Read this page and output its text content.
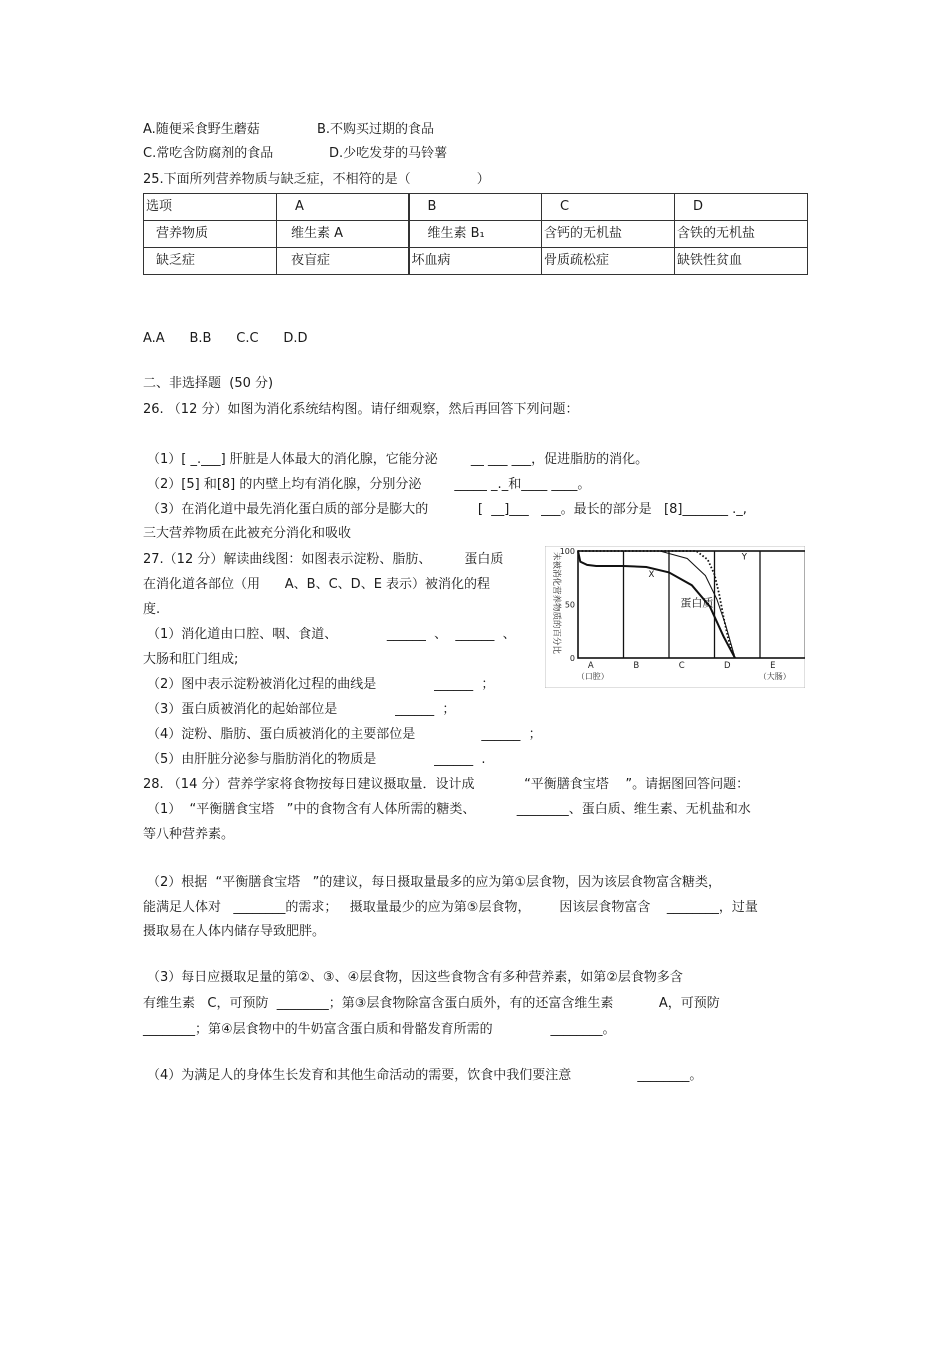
A.随便采食野生蘑菇	B.不购买过期的食品
C.常吃含防腐剂的食品	D.少吃发芽的马铃薯
25.下面所列营养物质与缺乏症，不相符的是（                ）
选项	A	B	C	D
营养物质	维生素 A	维生素 B₁	含钙的无机盐	含铁的无机盐
缺乏症	夜盲症	坏血病	骨质疏松症	缺铁性贫血
A.A      B.B      C.C      D.D
二、非选择题  (50 分)
26. （12 分）如图为消化系统结构图。请仔细观察，然后再回答下列问题：
（1）[ _.___] 肝脏是人体最大的消化腺，它能分泌        __ ___ ___，促进脂肪的消化。
（2）[5] 和[8] 的内壁上均有消化腺，分别分泌        _____ _._和____ ____。
（3）在消化道中最先消化蛋白质的部分是膨大的            [  __]___   ___。最长的部分是   [8]_______ ._,
三大营养物质在此被充分消化和吸收
27.（12 分）解读曲线图：如图表示淀粉、脂肪、        蛋白质
在消化道各部位（用      A、B、C、D、E 表示）被消化的程
度.
（1）消化道由口腔、咽、食道、            ______  、  ______  、
大肠和肛门组成;
（2）图中表示淀粉被消化过程的曲线是              ______  ；
（3）蛋白质被消化的起始部位是              ______  ；
（4）淀粉、脂肪、蛋白质被消化的主要部位是                ______  ；
（5）由肝脏分泌参与脂肪消化的物质是              ______  .
未被消化营养物质的百分比
100
50
0
A
（口腔）
B	C	D	E
（大肠）
X
Y
蛋白质
28. （14 分）营养学家将食物按每日建议摄取量．设计成            “平衡膳食宝塔    ”。请据图回答问题：
（1）  “平衡膳食宝塔   ”中的食物含有人体所需的糖类、          ________、蛋白质、维生素、无机盐和水
等八种营养素。
（2）根据  “平衡膳食宝塔   ”的建议，每日摄取量最多的应为第①层食物，因为该层食物富含糖类，
能满足人体对   ________的需求；   摄取量最少的应为第⑤层食物，       因该层食物富含    ________，过量
摄取易在人体内储存导致肥胖。
（3）每日应摄取足量的第②、③、④层食物，因这些食物含有多种营养素，如第②层食物多含
有维生素   C，可预防  ________；第③层食物除富含蛋白质外，有的还富含维生素           A，可预防
________；第④层食物中的牛奶富含蛋白质和骨骼发育所需的              ________。
（4）为满足人的身体生长发育和其他生命活动的需要，饮食中我们要注意                ________。
